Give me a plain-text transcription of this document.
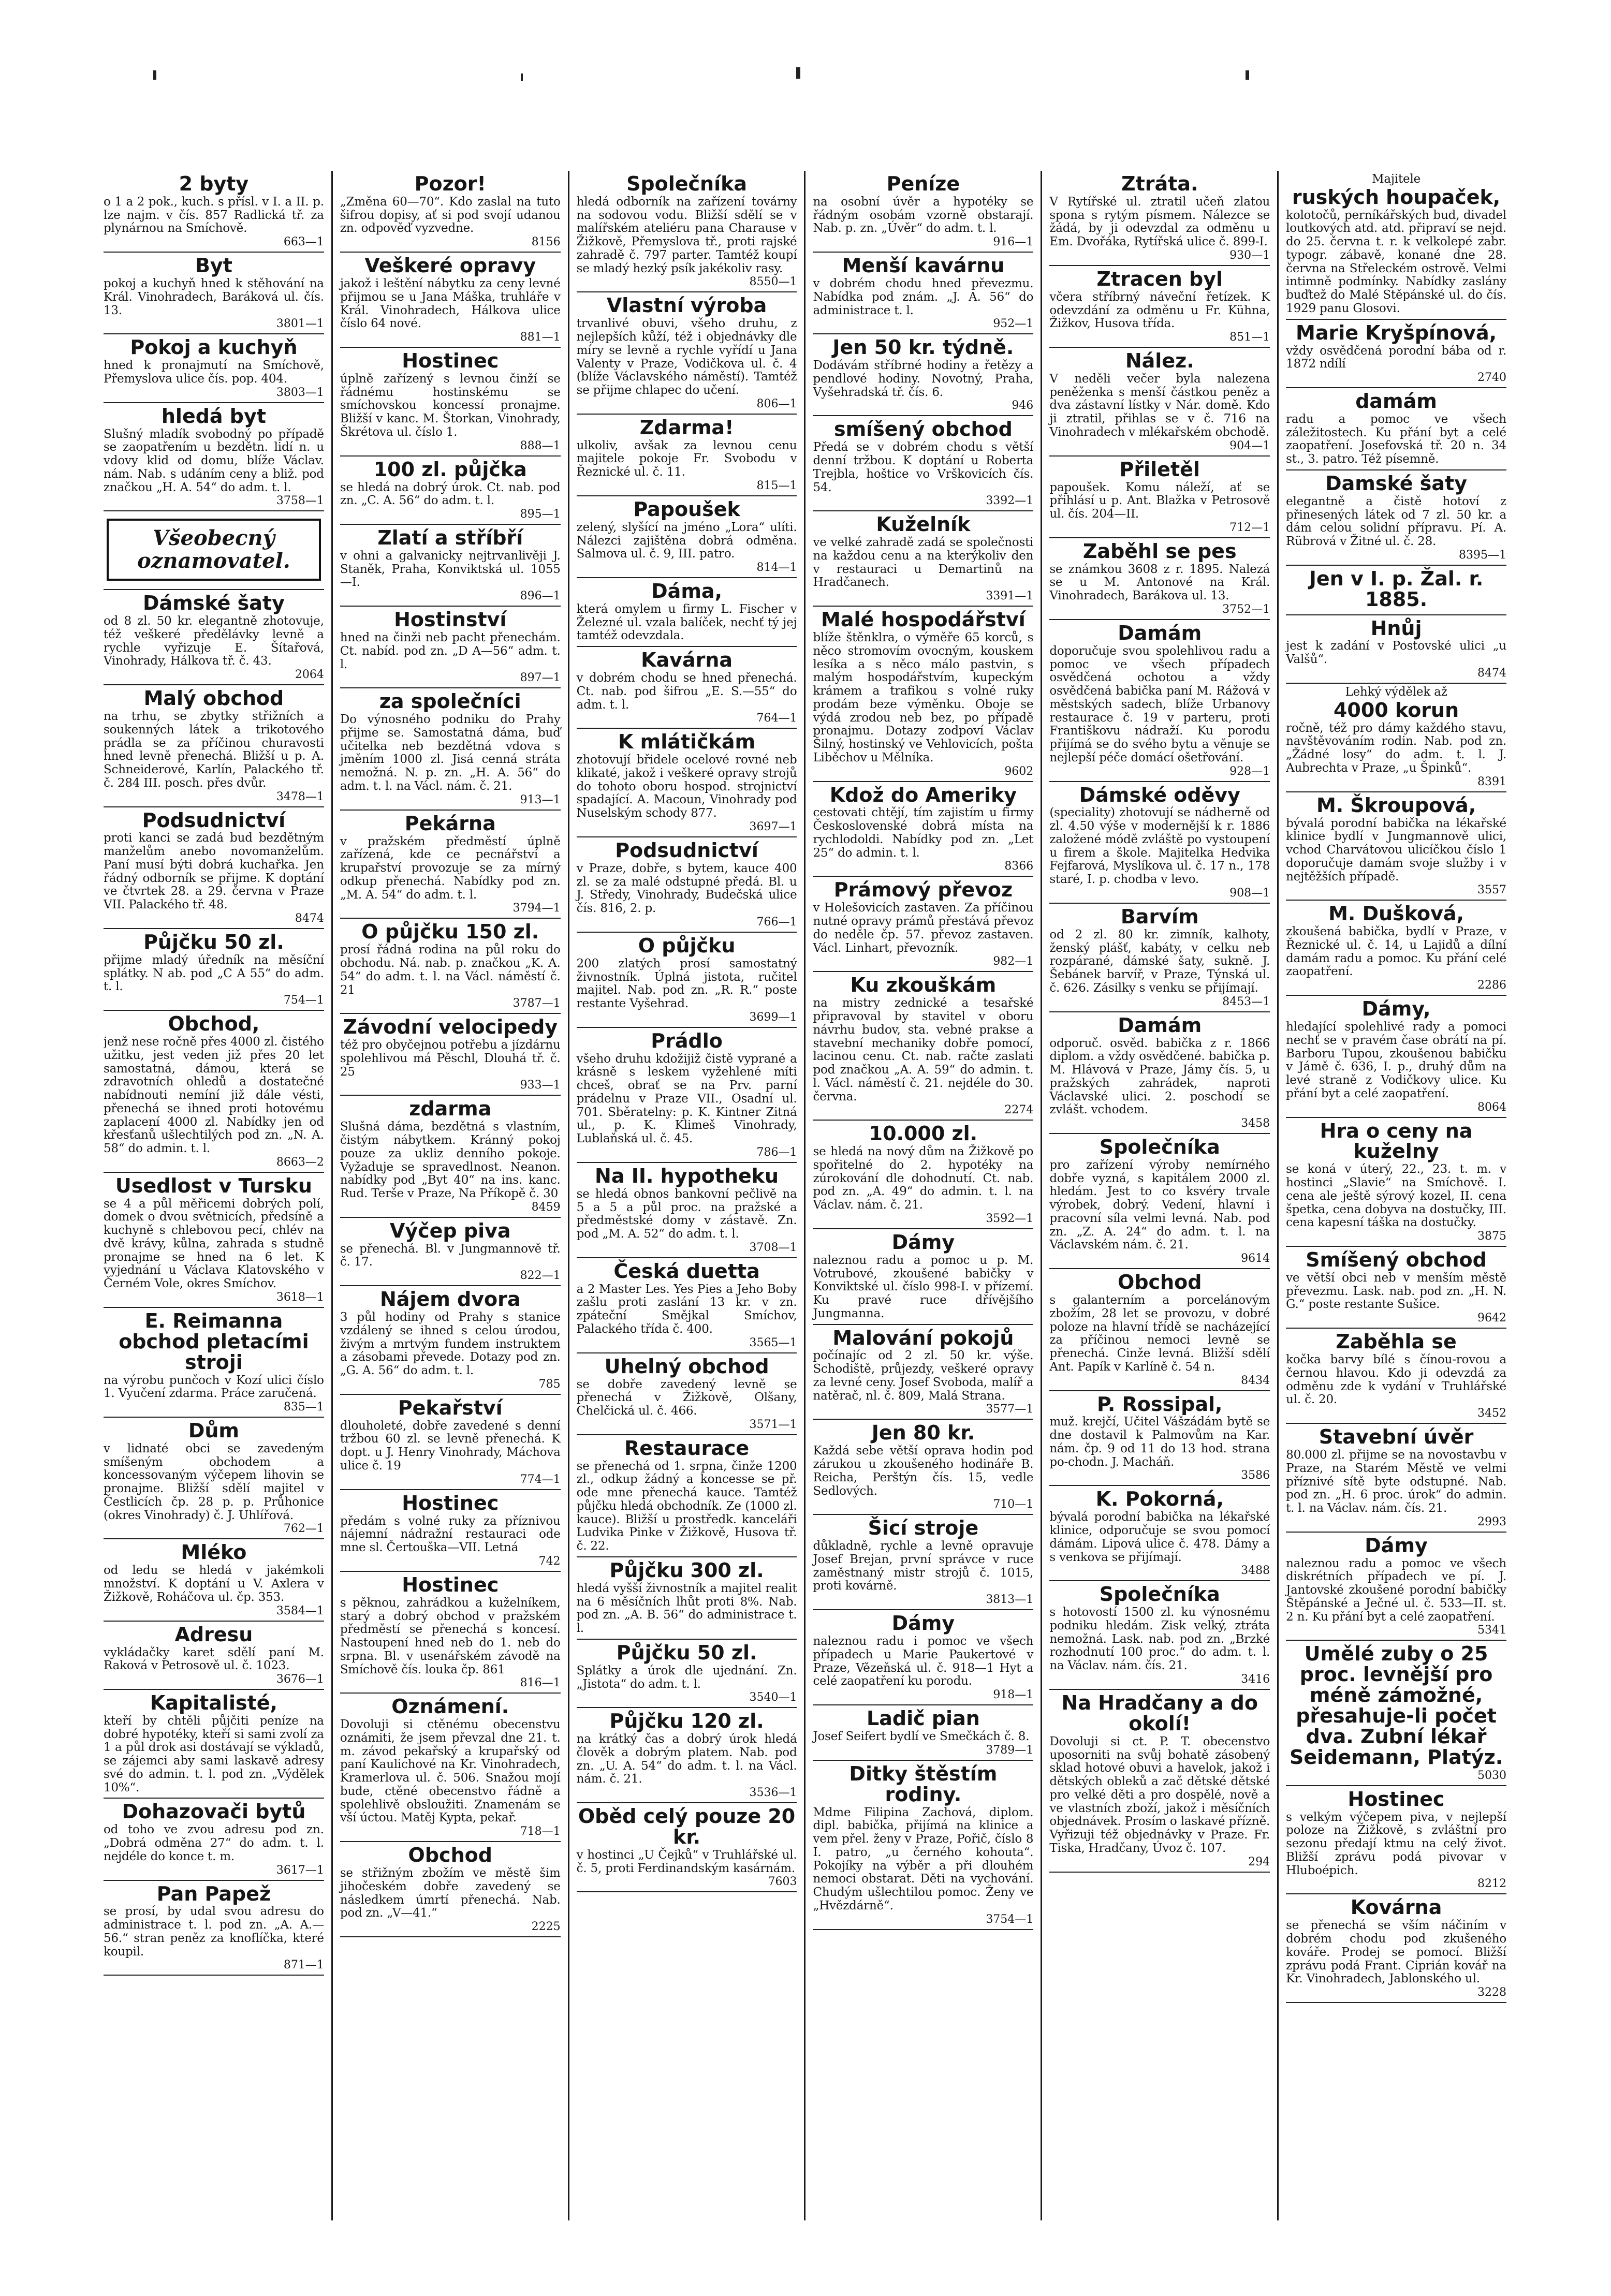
2 byty
o 1 a 2 pok., kuch. s přísl. v I. a II. p. lze najm. v čís. 857 Radlická tř. za plynárnou na Smíchově.
663—1
Byt
pokoj a kuchyň hned k stěhování na Král. Vinohradech, Baráková ul. čís. 13.
3801—1
Pokoj a kuchyň
hned k pronajmutí na Smíchově, Přemyslova ulice čís. pop. 404.
3803—1
hledá byt
Slušný mladík svobodný po případě se zaopatřením u bezdětn. lidí n. u vdovy klid od domu, blíže Václav. nám. Nab. s udáním ceny a bliž. pod značkou „H. A. 54“ do adm. t. l.
3758—1
Všeobecný oznamovatel.
Dámské šaty
od 8 zl. 50 kr. elegantně zhotovuje, též veškeré předělávky levně a rychle vyřizuje E. Šítařová, Vinohrady, Hálkova tř. č. 43.
2064
Malý obchod
na trhu, se zbytky střižních a soukenných látek a trikotového prádla se za příčinou churavosti hned levně přenechá. Bližší u p. A. Schneiderové, Karlín, Palackého tř. č. 284 III. posch. přes dvůr.
3478—1
Podsudnictví
proti kanci se zadá bud bezdětným manželům anebo novomanželům. Paní musí býti dobrá kuchařka. Jen řádný odborník se přijme. K doptání ve čtvrtek 28. a 29. června v Praze VII. Palackého tř. 48.
8474
Půjčku 50 zl.
přijme mladý úředník na měsíční splátky. N ab. pod „C A 55“ do adm. t. l.
754—1
Obchod,
jenž nese ročně přes 4000 zl. čistého užitku, jest veden již přes 20 let samostatná, dámou, která se zdravotních ohledů a dostatečné nabídnouti nemíní již dále vésti, přenechá se ihned proti hotovému zaplacení 4000 zl. Nabídky jen od křesťanů ušlechtilých pod zn. „N. A. 58“ do admin. t. l.
8663—2
Usedlost v Tursku
se 4 a půl měřicemi dobrých polí, domek o dvou světnicích, předsíně a kuchyně s chlebovou pecí, chlév na dvě krávy, kůlna, zahrada s studně pronajme se hned na 6 let. K vyjednání u Václava Klatovského v Černém Vole, okres Smíchov.
3618—1
E. Reimanna obchod pletacími stroji
na výrobu punčoch v Kozí ulici číslo 1. Vyučení zdarma. Práce zaručená.
835—1
Dům
v lidnaté obci se zavedeným smíšeným obchodem a koncessovaným výčepem lihovin se pronajme. Bližší sdělí majitel v Čestlicích čp. 28 p. p. Průhonice (okres Vinohrady) č. J. Uhlířová.
762—1
Mléko
od ledu se hledá v jakémkoli množství. K doptání u V. Axlera v Žižkově, Roháčova ul. čp. 353.
3584—1
Adresu
vykládačky karet sdělí paní M. Raková v Petrosově ul. č. 1023.
3676—1
Kapitalisté,
kteří by chtěli půjčiti peníze na dobré hypotéky, kteří si sami zvolí za 1 a půl drok asi dostávají se výkladů, se zájemci aby sami laskavě adresy své do admin. t. l. pod zn. „Výdělek 10%“.
Dohazovači bytů
od toho ve zvou adresu pod zn. „Dobrá odměna 27“ do adm. t. l. nejdéle do konce t. m.
3617—1
Pan Papež
se prosí, by udal svou adresu do administrace t. l. pod zn. „A. A.—56.“ stran peněz za knoflíčka, které koupil.
871—1
Pozor!
„Změna 60—70“. Kdo zaslal na tuto šifrou dopisy, ať si pod svojí udanou zn. odpověď vyzvedne.
8156
Veškeré opravy
jakož i leštění nábytku za ceny levné přijmou se u Jana Máška, truhláře v Král. Vinohradech, Hálkova ulice číslo 64 nové.
881—1
Hostinec
úplně zařízený s levnou činží se řádnému hostinskému se smíchovskou koncessí pronajme. Bližší v kanc. M. Štorkan, Vinohrady, Škrétova ul. číslo 1.
888—1
100 zl. půjčka
se hledá na dobrý úrok. Ct. nab. pod zn. „C. A. 56“ do adm. t. l.
895—1
Zlatí a stříbří
v ohni a galvanicky nejtrvanlivěji J. Staněk, Praha, Konviktská ul. 1055—I.
896—1
Hostinství
hned na činži neb pacht přenechám. Ct. nabíd. pod zn. „D A—56“ adm. t. l.
897—1
za společníci
Do výnosného podniku do Prahy přijme se. Samostatná dáma, buď učitelka neb bezdětná vdova s jměním 1000 zl. Jisá cenná stráta nemožná. N. p. zn. „H. A. 56“ do adm. t. l. na Václ. nám. č. 21.
913—1
Pekárna
v pražském předměstí úplně zařízená, kde ce pecnářství a krupařství provozuje se za mírný odkup přenechá. Nabídky pod zn. „M. A. 54“ do adm. t. l.
3794—1
O půjčku 150 zl.
prosí řádná rodina na půl roku do obchodu. Ná. nab. p. značkou „K. A. 54“ do adm. t. l. na Václ. náměstí č. 21
3787—1
Závodní velocipedy
též pro obyčejnou potřebu a jízdárnu spolehlivou má Pěschl, Dlouhá tř. č. 25
933—1
zdarma
Slušná dáma, bezdětná s vlastním, čistým nábytkem. Kránný pokoj pouze za ukliz denního pokoje. Vyžaduje se spravedlnost. Neanon. nabídky pod „Byt 40“ na ins. kanc. Rud. Terše v Praze, Na Příkopě č. 30
8459
Výčep piva
se přenechá. Bl. v Jungmannově tř. č. 17.
822—1
Nájem dvora
3 půl hodiny od Prahy s stanice vzdálený se ihned s celou úrodou, živým a mrtvým fundem instruktem a zásobami převede. Dotazy pod zn. „G. A. 56“ do adm. t. l.
785
Pekařství
dlouholeté, dobře zavedené s denní tržbou 60 zl. se levně přenechá. K dopt. u J. Henry Vinohrady, Máchova ulice č. 19
774—1
Hostinec
předám s volné ruky za příznivou nájemní nádražní restauraci ode mne sl. Čertouška—VII. Letná
742
Hostinec
s pěknou, zahrádkou a kuželníkem, starý a dobrý obchod v pražském předměstí se přenechá s koncesí. Nastoupení hned neb do 1. neb do srpna. Bl. v usenářském závodě na Smíchově čís. louka čp. 861
816—1
Oznámení.
Dovoluji si ctěnému obecenstvu oznámiti, že jsem převzal dne 21. t. m. závod pekařský a krupařský od paní Kaulichové na Kr. Vinohradech, Kramerlova ul. č. 506. Snažou mojí bude, ctěné obecenstvo řádně a spolehlivě obsloužiti. Znamenám se vší úctou. Matěj Kypta, pekař.
718—1
Obchod
se střižným zbožím ve městě šim jihočeském dobře zavedený se následkem úmrtí přenechá. Nab. pod zn. „V—41.“
2225
Společníka
hledá odborník na zařízení továrny na sodovou vodu. Bližší sdělí se v malířském ateliéru pana Charause v Žižkově, Přemyslova tř., proti rajské zahradě č. 797 parter. Tamtéž koupí se mladý hezký psík jakékoliv rasy.
8550—1
Vlastní výroba
trvanlivé obuvi, všeho druhu, z nejlepších kůží, též i objednávky dle míry se levně a rychle vyřídí u Jana Valenty v Praze, Vodičkova ul. č. 4 (blíže Václavského náměstí). Tamtéž se přijme chlapec do učení.
806—1
Zdarma!
ulkoliv, avšak za levnou cenu majitele pokoje Fr. Svobodu v Řeznické ul. č. 11.
815—1
Papoušek
zelený, slyšící na jméno „Lora“ ulíti. Nálezci zajištěna dobrá odměna. Salmova ul. č. 9, III. patro.
814—1
Dáma,
která omylem u firmy L. Fischer v Železné ul. vzala balíček, nechť tý jej tamtéž odevzdala.
Kavárna
v dobrém chodu se hned přenechá. Ct. nab. pod šifrou „E. S.—55“ do adm. t. l.
764—1
K mlátičkám
zhotovují břidele ocelové rovné neb klikaté, jakož i veškeré opravy strojů do tohoto oboru hospod. strojnictví spadající. A. Macoun, Vinohrady pod Nuselským schody 877.
3697—1
Podsudnictví
v Praze, dobře, s bytem, kauce 400 zl. se za malé odstupné předá. Bl. u J. Středy, Vinohrady, Budečská ulice čís. 816, 2. p.
766—1
O půjčku
200 zlatých prosí samostatný živnostník. Úplná jistota, ručitel majitel. Nab. pod zn. „R. R.“ poste restante Vyšehrad.
3699—1
Prádlo
všeho druhu kdožijiž čistě vyprané a krásně s leskem vyžehlené míti chceš, obrať se na Prv. parní prádelnu v Praze VII., Osadní ul. 701. Sběratelny: p. K. Kintner Zitná ul., p. K. Klimeš Vinohrady, Lublaňská ul. č. 45.
786—1
Na II. hypotheku
se hledá obnos bankovní pečlivě na 5 a 5 a půl proc. na pražské a předměstské domy v zástavě. Zn. pod „M. A. 52“ do adm. t. l.
3708—1
Česká duetta
a 2 Master Les. Yes Pies a Jeho Boby zašlu proti zaslání 13 kr. v zn. zpáteční Smějkal Smíchov, Palackého třída č. 400.
3565—1
Uhelný obchod
se dobře zavedený levně se přenechá v Žižkově, Olšany, Chelčická ul. č. 466.
3571—1
Restaurace
se přenechá od 1. srpna, činže 1200 zl., odkup žádný a koncesse se př. ode mne přenechá kauce. Tamtéž půjčku hledá obchodník. Ze (1000 zl. kauce). Bližší u prostředk. kanceláři Ludvika Pinke v Žižkově, Husova tř. č. 22.
Půjčku 300 zl.
hledá vyšší živnostník a majitel realit na 6 měsíčních lhůt proti 8%. Nab. pod zn. „A. B. 56“ do administrace t. l.
Půjčku 50 zl.
Splátky a úrok dle ujednání. Zn. „Jistota“ do adm. t. l.
3540—1
Půjčku 120 zl.
na krátký čas a dobrý úrok hledá člověk a dobrým platem. Nab. pod zn. „U. A. 54“ do adm. t. l. na Václ. nám. č. 21.
3536—1
Oběd celý pouze 20 kr.
v hostinci „U Čejků“ v Truhlářské ul. č. 5, proti Ferdinandským kasárnám.
7603
Peníze
na osobní úvěr a hypotéky se řádným osobám vzorně obstarají. Nab. p. zn. „Úvěr“ do adm. t. l.
916—1
Menší kavárnu
v dobrém chodu hned převezmu. Nabídka pod znám. „J. A. 56“ do administrace t. l.
952—1
Jen 50 kr. týdně.
Dodávám stříbrné hodiny a řetězy a pendlové hodiny. Novotný, Praha, Vyšehradská tř. čís. 6.
946
smíšený obchod
Předá se v dobrém chodu s větší denní tržbou. K doptání u Roberta Trejbla, hoštice vo Vrškovicích čís. 54.
3392—1
Kuželník
ve velké zahradě zadá se společnosti na každou cenu a na kterýkoliv den v restauraci u Demartinů na Hradčanech.
3391—1
Malé hospodářství
blíže štěnklra, o výměře 65 korců, s něco stromovím ovocným, kouskem lesíka a s něco málo pastvin, s malým hospodářstvím, kupeckým krámem a trafikou s volné ruky prodám beze výměnku. Oboje se výdá zrodou neb bez, po případě pronajmu. Dotazy zodpoví Václav Šilný, hostinský ve Vehlovicích, pošta Liběchov u Mělníka.
9602
Kdož do Ameriky
cestovati chtějí, tím zajistím u firmy Československé dobrá místa na rychlodoldi. Nabídky pod zn. „Let 25“ do admin. t. l.
8366
Prámový převoz
v Holešovicích zastaven. Za příčinou nutné opravy prámů přestává převoz do neděle čp. 57. převoz zastaven. Václ. Linhart, převozník.
982—1
Ku zkouškám
na mistry zednické a tesařské připravoval by stavitel v oboru návrhu budov, sta. vebné prakse a stavební mechaniky dobře pomocí, lacinou cenu. Ct. nab. račte zaslati pod značkou „A. A. 59“ do admin. t. l. Václ. náměstí č. 21. nejdéle do 30. června.
2274
10.000 zl.
se hledá na nový dům na Žižkově po spořitelné do 2. hypotéky na zúrokování dle dohodnutí. Ct. nab. pod zn. „A. 49“ do admin. t. l. na Václav. nám. č. 21.
3592—1
Dámy
naleznou radu a pomoc u p. M. Votrubové, zkoušené babičky v Konviktské ul. číslo 998-I. v přízemí. Ku pravé ruce dřívějšího Jungmanna.
Malování pokojů
počínajíc od 2 zl. 50 kr. výše. Schodiště, průjezdy, veškeré opravy za levné ceny. Josef Svoboda, malíř a natěrač, nl. č. 809, Malá Strana.
3577—1
Jen 80 kr.
Každá sebe větší oprava hodin pod zárukou u zkoušeného hodináře B. Reicha, Perštýn čís. 15, vedle Sedlových.
710—1
Šicí stroje
důkladně, rychle a levně opravuje Josef Brejan, první správce v ruce zaměstnaný mistr strojů č. 1015, proti kovárně.
3813—1
Dámy
naleznou radu i pomoc ve všech případech u Marie Paukertové v Praze, Vězeňská ul. č. 918—1 Hyt a celé zaopatření ku porodu.
918—1
Ladič pian
Josef Seifert bydlí ve Smečkách č. 8.
3789—1
Ditky štěstím rodiny.
Mdme Filipina Zachová, diplom. dipl. babička, přijímá na klinice a vem přel. ženy v Praze, Pořič, číslo 8 I. patro, „u černého kohouta“. Pokojíky na výběr a při dlouhém nemoci obstarat. Děti na vychování. Chudým ušlechtilou pomoc. Ženy ve „Hvězdárně“.
3754—1
Ztráta.
V Rytířské ul. ztratil učeň zlatou spona s rytým písmem. Nálezce se žádá, by ji odevzdal za odměnu u Em. Dvořáka, Rytířská ulice č. 899-I.
930—1
Ztracen byl
včera stříbrný náveční řetízek. K odevzdání za odměnu u Fr. Kühna, Žižkov, Husova třída.
851—1
Nález.
V neděli večer byla nalezena peněženka s menší částkou peněz a dva zástavní lístky v Nár. domě. Kdo ji ztratil, přihlas se v č. 716 na Vinohradech v mlékařském obchodě.
904—1
Přiletěl
papoušek. Komu náleží, ať se přihlásí u p. Ant. Blažka v Petrosově ul. čís. 204—II.
712—1
Zaběhl se pes
se známkou 3608 z r. 1895. Nalezá se u M. Antonové na Král. Vinohradech, Barákova ul. 13.
3752—1
Damám
doporučuje svou spolehlivou radu a pomoc ve všech případech osvědčená ochotou a vždy osvědčená babička paní M. Rážová v městských sadech, blíže Urbanovy restaurace č. 19 v parteru, proti Františkovu nádraží. Ku porodu přijímá se do svého bytu a věnuje se nejlepší péče domácí ošetřování.
928—1
Dámské oděvy
(speciality) zhotovují se nádherně od zl. 4.50 výše v modernější k r. 1886 založené módě zvláště po vystoupení u firem a škole. Majitelka Hedvika Fejfarová, Myslíkova ul. č. 17 n., 178 staré, I. p. chodba v levo.
908—1
Barvím
od 2 zl. 80 kr. zimník, kalhoty, ženský plášť, kabáty, v celku neb rozpárané, dámské šaty, sukně. J. Šebánek barvíř, v Praze, Týnská ul. č. 626. Zásilky s venku se přijímají.
8453—1
Damám
odporuč. osvěd. babička z r. 1866 diplom. a vždy osvědčené. babička p. M. Hlávová v Praze, Jámy čís. 5, u pražských zahrádek, naproti Václavské ulici. 2. poschodí se zvlášt. vchodem.
3458
Společníka
pro zařízení výroby nemírného dobře vyzná, s kapitálem 2000 zl. hledám. Jest to co ksvéry trvale výrobek, dobrý. Vedení, hlavní i pracovní síla velmi levná. Nab. pod zn. „Z. A. 24“ do adm. t. l. na Václavském nám. č. 21.
9614
Obchod
s galanterním a porcelánovým zbožím, 28 let se provozu, v dobré poloze na hlavní třídě se nacházející za příčinou nemoci levně se přenechá. Cinže levná. Bližší sdělí Ant. Papík v Karlíně č. 54 n.
8434
P. Rossipal,
muž. krejčí, Učitel Vášzádám bytě se dne dostavil k Palmovům na Kar. nám. čp. 9 od 11 do 13 hod. strana po-chodn. J. Macháň.
3586
K. Pokorná,
bývalá porodní babička na lékařské klinice, odporučuje se svou pomocí dámám. Lipová ulice č. 478. Dámy a s venkova se přijímají.
3488
Společníka
s hotovostí 1500 zl. ku výnosnému podniku hledám. Zisk velký, ztráta nemožná. Lask. nab. pod zn. „Brzké rozhodnutí 100 proc.“ do adm. t. l. na Václav. nám. čís. 21.
3416
Na Hradčany a do okolí!
Dovoluji si ct. P. T. obecenstvo uposorniti na svůj bohatě zásobený sklad hotové obuvi a havelok, jakož i dětských obleků a zač dětské dětské pro velké děti a pro dospělé, nově a ve vlastních zboží, jakož i měsíčních objednávek. Prosím o laskavé přízně. Vyřizuji též objednávky v Praze. Fr. Tiska, Hradčany, Úvoz č. 107.
294
Majitele
ruských houpaček,
kolotočů, perníkářských bud, divadel loutkových atd. atd. připraví se nejd. do 25. června t. r. k velkolepé zabr. typogr. zábavě, konané dne 28. června na Střeleckém ostrově. Velmi intimně podmínky. Nabídky zaslány buďtež do Malé Stěpánské ul. do čís. 1929 panu Glosovi.
Marie Kryšpínová,
vždy osvědčená porodní bába od r. 1872 ndílí
2740
damám
radu a pomoc ve všech záležitostech. Ku přání byt a celé zaopatření. Josefovská tř. 20 n. 34 st., 3. patro. Též písemně.
Damské šaty
elegantně a čistě hotoví z přinesených látek od 7 zl. 50 kr. a dám celou solidní přípravu. Pí. A. Rübrová v Žitné ul. č. 28.
8395—1
Jen v I. p. Žal. r. 1885.
Hnůj
jest k zadání v Postovské ulici „u Valšů“.
8474
Lehký výdělek až
4000 korun
ročně, též pro dámy každého stavu, navštěvováním rodin. Nab. pod zn. „Žádné losy“ do adm. t. l. J. Aubrechta v Praze, „u Špinků“.
8391
M. Škroupová,
bývalá porodní babička na lékařské klinice bydlí v Jungmannově ulici, vchod Charvátovou ulicíčkou číslo 1 doporučuje damám svoje služby i v nejtěžších případě.
3557
M. Dušková,
zkoušená babička, bydlí v Praze, v Řeznické ul. č. 14, u Lajidů a dílní damám radu a pomoc. Ku přání celé zaopatření.
2286
Dámy,
hledající spolehlivé rady a pomoci nechť se v pravém čase obrátí na pí. Barboru Tupou, zkoušenou babičku v Jámě č. 636, I. p., druhý dům na levé straně z Vodičkovy ulice. Ku přání byt a celé zaopatření.
8064
Hra o ceny na kuželny
se koná v úterý, 22., 23. t. m. v hostinci „Slavie“ na Smíchově. I. cena ale ještě sýrový kozel, II. cena špetka, cena dobyva na dostučky, III. cena kapesní táška na dostučky.
3875
Smíšený obchod
ve větší obci neb v menším městě převezmu. Lask. nab. pod zn. „H. N. G.“ poste restante Sušice.
9642
Zaběhla se
kočka barvy bílé s čínou-rovou a černou hlavou. Kdo ji odevzdá za odměnu zde k vydání v Truhlářské ul. č. 20.
3452
Stavební úvěr
80.000 zl. přijme se na novostavbu v Praze, na Starém Městě ve velmi příznivé sítě byte odstupné. Nab. pod zn. „H. 6 proc. úrok“ do admin. t. l. na Václav. nám. čís. 21.
2993
Dámy
naleznou radu a pomoc ve všech diskrétních případech ve pí. J. Jantovské zkoušené porodní babičky Štěpánské a Ječné ul. č. 533—II. st. 2 n. Ku přání byt a celé zaopatření.
5341
Umělé zuby o 25 proc. levnější pro méně zámožné, přesahuje-li počet dva. Zubní lékař Seidemann, Platýz.
5030
Hostinec
s velkým výčepem piva, v nejlepší poloze na Žižkově, s zvláštní pro sezonu předají ktmu na celý život. Bližší zprávu podá pivovar v Hluboépich.
8212
Kovárna
se přenechá se vším náčiním v dobrém chodu pod zkušeného kováře. Prodej se pomocí. Bližší zprávu podá Frant. Ciprián kovář na Kr. Vinohradech, Jablonského ul.
3228
